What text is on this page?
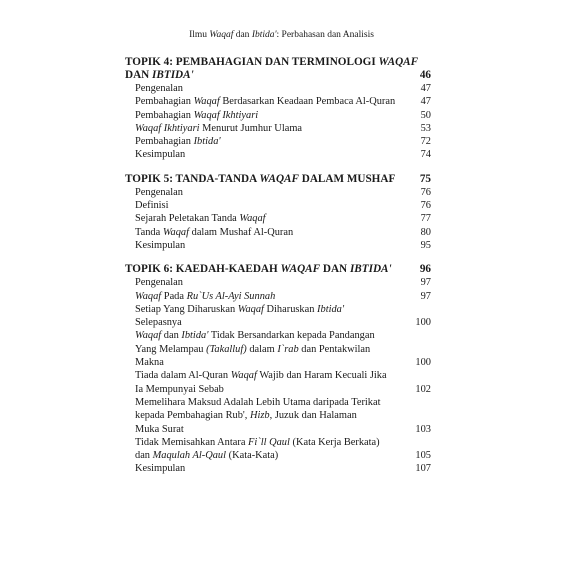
Ilmu Waqaf dan Ibtida': Perbahasan dan Analisis
TOPIK 4: PEMBAHAGIAN DAN TERMINOLOGI WAQAF
DAN IBTIDA'	46
Pengenalan	47
Pembahagian Waqaf Berdasarkan Keadaan Pembaca Al-Quran 47
Pembahagian Waqaf Ikhtiyari	50
Waqaf Ikhtiyari Menurut Jumhur Ulama	53
Pembahagian Ibtida'	72
Kesimpulan	74
TOPIK 5: TANDA-TANDA WAQAF DALAM MUSHAF 75
Pengenalan	76
Definisi	76
Sejarah Peletakan Tanda Waqaf	77
Tanda Waqaf dalam Mushaf Al-Quran	80
Kesimpulan	95
TOPIK 6: KAEDAH-KAEDAH WAQAF DAN IBTIDA'	96
Pengenalan	97
Waqaf Pada Ru`Us Al-Ayi Sunnah	97
Setiap Yang Diharuskan Waqaf Diharuskan Ibtida'
Selepasnya	100
Waqaf dan Ibtida' Tidak Bersandarkan kepada Pandangan
Yang Melampau (Takalluf) dalam I`rab dan Pentakwilan
Makna	100
Tiada dalam Al-Quran Waqaf Wajib dan Haram Kecuali Jika
Ia Mempunyai Sebab	102
Memelihara Maksud Adalah Lebih Utama daripada Terikat
kepada Pembahagian Rub', Hizb, Juzuk dan Halaman
Muka Surat	103
Tidak Memisahkan Antara Fi`ll Qaul (Kata Kerja Berkata)
dan Maqulah Al-Qaul (Kata-Kata)	105
Kesimpulan	107
